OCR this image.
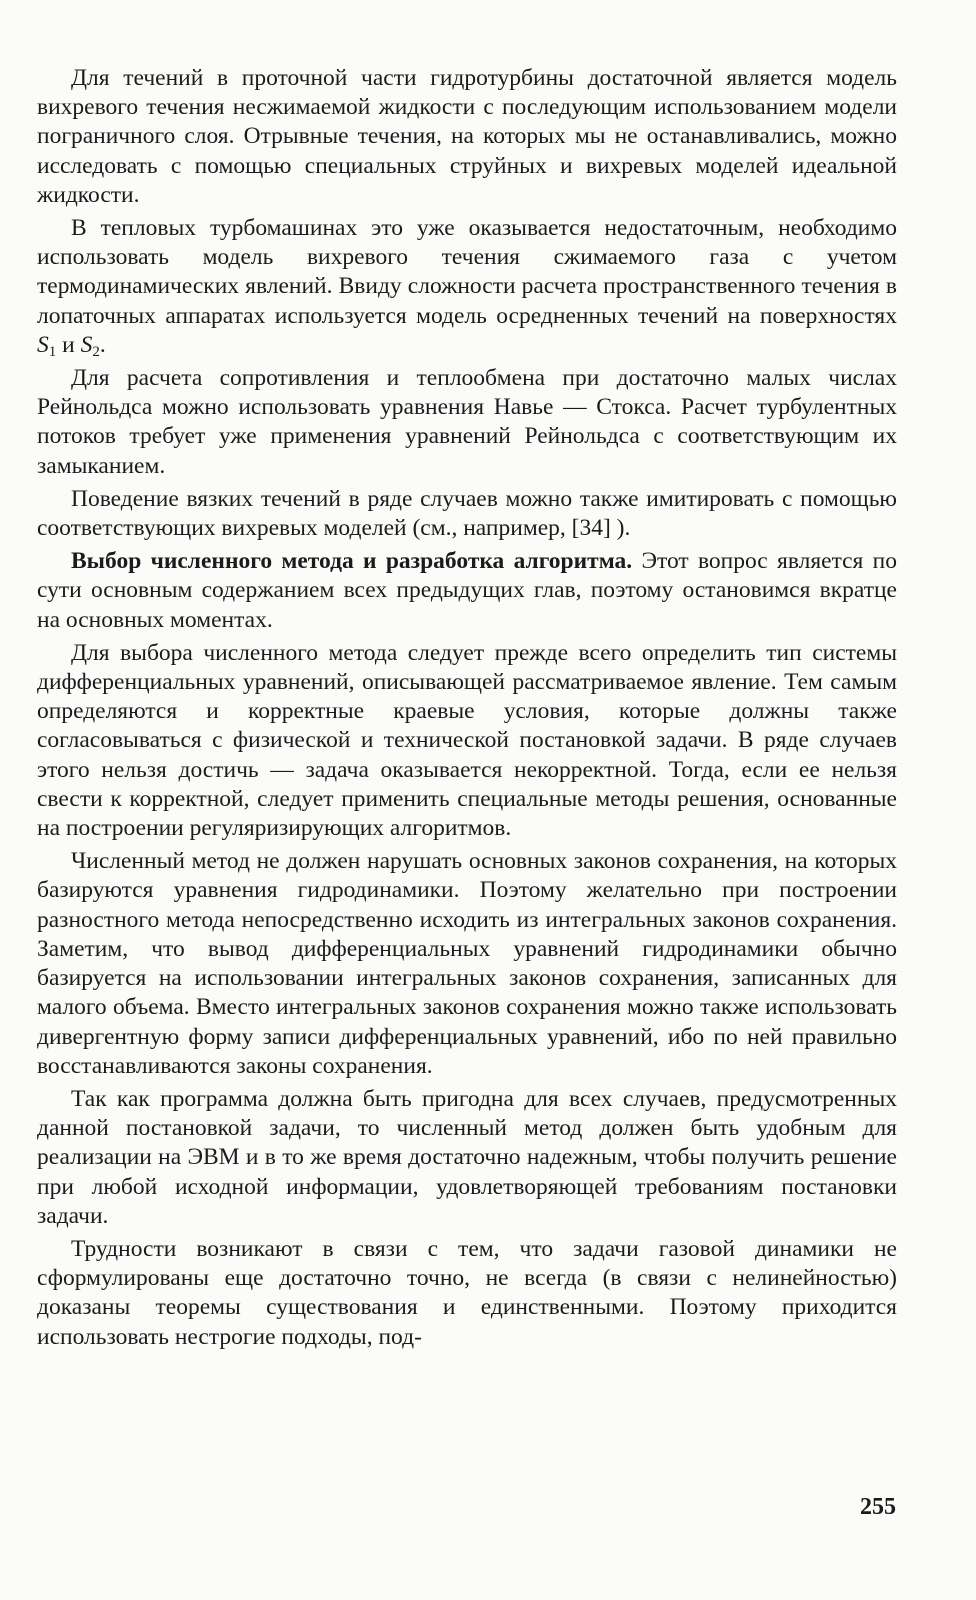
Для течений в проточной части гидротурбины достаточной является модель вихревого течения несжимаемой жидкости с последующим использованием модели пограничного слоя. Отрывные течения, на которых мы не останавливались, можно исследовать с помощью специальных струйных и вихревых моделей идеальной жидкости.

В тепловых турбомашинах это уже оказывается недостаточным, необходимо использовать модель вихревого течения сжимаемого газа с учетом термодинамических явлений. Ввиду сложности расчета пространственного течения в лопаточных аппаратах используется модель осредненных течений на поверхностях $S_1$ и $S_2$.

Для расчета сопротивления и теплообмена при достаточно малых числах Рейнольдса можно использовать уравнения Навье — Стокса. Расчет турбулентных потоков требует уже применения уравнений Рейнольдса с соответствующим их замыканием.

Поведение вязких течений в ряде случаев можно также имитировать с помощью соответствующих вихревых моделей (см., например, [34] ).

Выбор численного метода и разработка алгоритма. Этот вопрос является по сути основным содержанием всех предыдущих глав, поэтому остановимся вкратце на основных моментах.

Для выбора численного метода следует прежде всего определить тип системы дифференциальных уравнений, описывающей рассматриваемое явление. Тем самым определяются и корректные краевые условия, которые должны также согласовываться с физической и технической постановкой задачи. В ряде случаев этого нельзя достичь — задача оказывается некорректной. Тогда, если ее нельзя свести к корректной, следует применить специальные методы решения, основанные на построении регуляризирующих алгоритмов.

Численный метод не должен нарушать основных законов сохранения, на которых базируются уравнения гидродинамики. Поэтому желательно при построении разностного метода непосредственно исходить из интегральных законов сохранения. Заметим, что вывод дифференциальных уравнений гидродинамики обычно базируется на использовании интегральных законов сохранения, записанных для малого объема. Вместо интегральных законов сохранения можно также использовать дивергентную форму записи дифференциальных уравнений, ибо по ней правильно восстанавливаются законы сохранения.

Так как программа должна быть пригодна для всех случаев, предусмотренных данной постановкой задачи, то численный метод должен быть удобным для реализации на ЭВМ и в то же время достаточно надежным, чтобы получить решение при любой исходной информации, удовлетворяющей требованиям постановки задачи.

Трудности возникают в связи с тем, что задачи газовой динамики не сформулированы еще достаточно точно, не всегда (в связи с нелинейностью) доказаны теоремы существования и единственными. Поэтому приходится использовать нестрогие подходы, под-

255
